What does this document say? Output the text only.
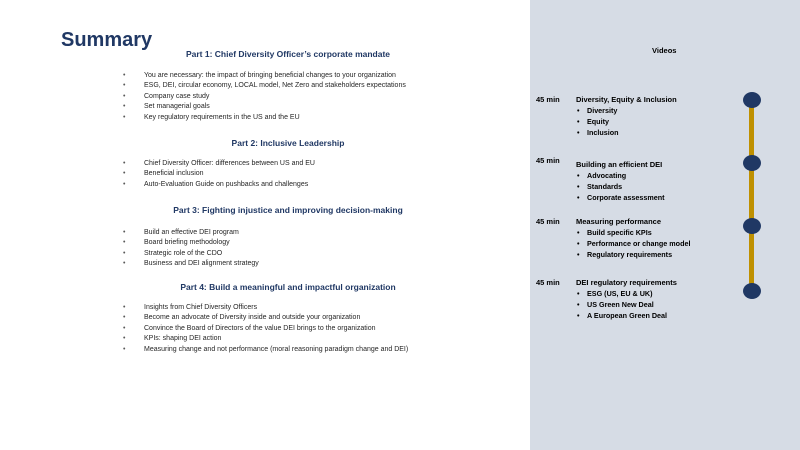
Summary
Part 1: Chief Diversity Officer’s corporate mandate
• You are necessary: the impact of bringing beneficial changes to your organization
• ESG, DEI, circular economy, LOCAL model, Net Zero and stakeholders expectations
• Company case study
• Set managerial goals
• Key regulatory requirements in the US and the EU
Part 2: Inclusive Leadership
• Chief Diversity Officer: differences between US and EU
• Beneficial inclusion
• Auto-Evaluation Guide on pushbacks and challenges
Part 3: Fighting injustice and improving decision-making
• Build an effective DEI program
• Board briefing methodology
• Strategic role of the CDO
• Business and DEI alignment strategy
Part 4: Build a meaningful and impactful organization
• Insights from Chief Diversity Officers
• Become an advocate of Diversity inside and outside your organization
• Convince the Board of Directors of the value DEI brings to the organization
• KPIs: shaping DEI action
• Measuring change and not performance (moral reasoning paradigm change and DEI)
Videos
45 min Diversity, Equity & Inclusion
• Diversity
• Equity
• Inclusion
45 min Building an efficient DEI
• Advocating
• Standards
• Corporate assessment
45 min Measuring performance
• Build specific KPIs
• Performance or change model
• Regulatory requirements
45 min DEI regulatory requirements
• ESG (US, EU & UK)
• US Green New Deal
• A European Green Deal
